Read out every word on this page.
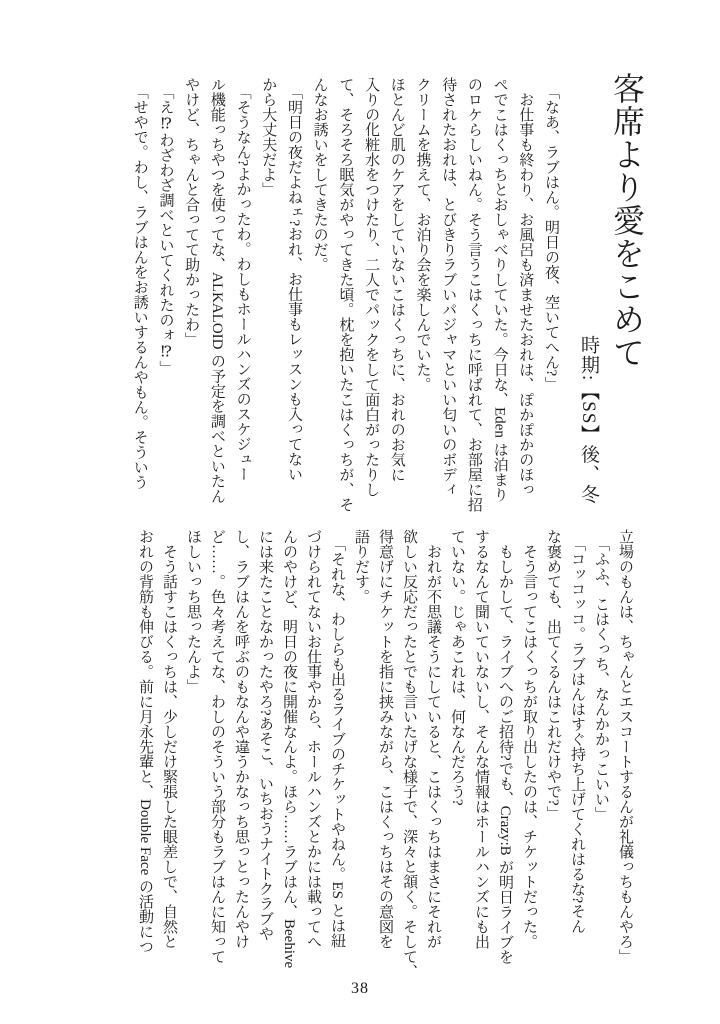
客席より愛をこめて
時期:【SS】後、冬
　「なあ、ラブはん。明日の夜、空いてへん?」
　お仕事も終わり、お風呂も済ませたおれは、ぽかぽかのほっ
ぺでこはくっちとおしゃべりしていた。今日な、Eden は泊まり
のロケらしいねん。そう言うこはくっちに呼ばれて、お部屋に招
待されたおれは、とびきりラブいパジャマといい匂いのボディ
クリームを携えて、お泊り会を楽しんでいた。
ほとんど肌のケアをしていないこはくっちに、おれのお気に
入りの化粧水をつけたり、二人でパックをして面白がったりし
て、そろそろ眠気がやってきた頃。枕を抱いたこはくっちが、そ
んなお誘いをしてきたのだ。
　「明日の夜だよねェ?おれ、お仕事もレッスンも入ってない
から大丈夫だよ」
　「そうなん?よかったわ。わしもホールハンズのスケジュー
ル機能っちやつを使ってな、ALKALOID の予定を調べといたん
やけど、ちゃんと合ってて助かったわ」
　「え⁉わざわざ調べといてくれたのォ⁉」
　「せやで。わし、ラブはんをお誘いするんやもん。そういう
立場のもんは、ちゃんとエスコートするんが礼儀っちもんやろ」
　「ふふ、こはくっち、なんかかっこいい」
　「コッコッコ。ラブはんはすぐ持ち上げてくれはるな?そん
な褒めても、出てくるんはこれだけやで?」
　そう言ってこはくっちが取り出したのは、チケットだった。
　もしかして、ライブへのご招待?でも、Crazy:B が明日ライブを
するなんて聞いていないし、そんな情報はホールハンズにも出
ていない。じゃあこれは、何なんだろう?
　おれが不思議そうにしていると、こはくっちはまさにそれが
欲しい反応だったとでも言いたげな様子で、深々と頷く。そして、
得意げにチケットを指に挟みながら、こはくっちはその意図を
語りだす。
　「それな、わしらも出るライブのチケットやねん。ES とは紐
づけられてないお仕事やから、ホールハンズとかには載ってへ
んのやけど、明日の夜に開催なんよ。ほら……ラブはん、Beehive
には来たことなかったやろ?あそこ、いちおうナイトクラブや
し、ラブはんを呼ぶのもなんや違うかなっち思っとったんやけ
ど……。色々考えてな、わしのそういう部分もラブはんに知って
ほしいっち思ったんよ」
　そう話すこはくっちは、少しだけ緊張した眼差しで、自然と
おれの背筋も伸びる。前に月永先輩と、Double Face の活動につ
38
